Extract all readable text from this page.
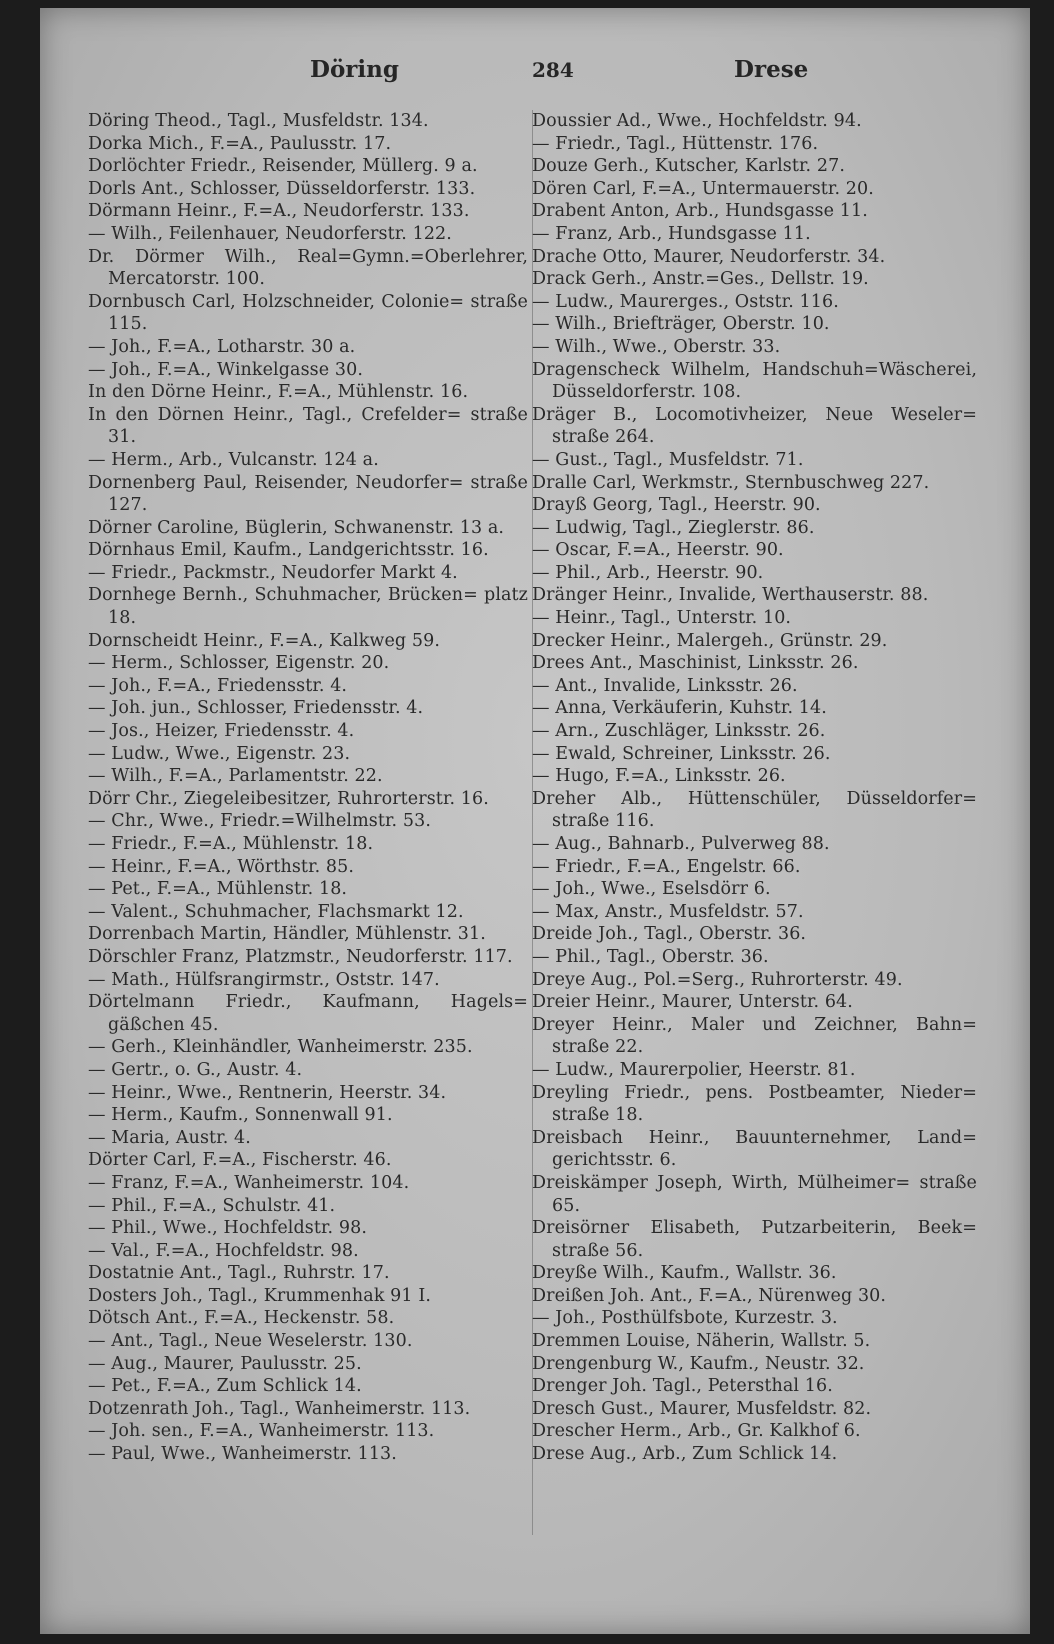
Döring	284	Drese
Döring Theod., Tagl., Musfeldstr. 134.
Dorka Mich., F.=A., Paulusstr. 17.
Dorlöchter Friedr., Reisender, Müllerg. 9 a.
Dorls Ant., Schlosser, Düsseldorferstr. 133.
Dörmann Heinr., F.=A., Neudorferstr. 133.
— Wilh., Feilenhauer, Neudorferstr. 122.
Dr. Dörmer Wilh., Real=Gymn.=Oberlehrer, Mercatorstr. 100.
Dornbusch Carl, Holzschneider, Colonie= straße 115.
— Joh., F.=A., Lotharstr. 30 a.
— Joh., F.=A., Winkelgasse 30.
In den Dörne Heinr., F.=A., Mühlenstr. 16.
In den Dörnen Heinr., Tagl., Crefelder= straße 31.
— Herm., Arb., Vulcanstr. 124 a.
Dornenberg Paul, Reisender, Neudorfer= straße 127.
Dörner Caroline, Büglerin, Schwanenstr. 13 a.
Dörnhaus Emil, Kaufm., Landgerichtsstr. 16.
— Friedr., Packmstr., Neudorfer Markt 4.
Dornhege Bernh., Schuhmacher, Brücken= platz 18.
Dornscheidt Heinr., F.=A., Kalkweg 59.
— Herm., Schlosser, Eigenstr. 20.
— Joh., F.=A., Friedensstr. 4.
— Joh. jun., Schlosser, Friedensstr. 4.
— Jos., Heizer, Friedensstr. 4.
— Ludw., Wwe., Eigenstr. 23.
— Wilh., F.=A., Parlamentstr. 22.
Dörr Chr., Ziegeleibesitzer, Ruhrorterstr. 16.
— Chr., Wwe., Friedr.=Wilhelmstr. 53.
— Friedr., F.=A., Mühlenstr. 18.
— Heinr., F.=A., Wörthstr. 85.
— Pet., F.=A., Mühlenstr. 18.
— Valent., Schuhmacher, Flachsmarkt 12.
Dorrenbach Martin, Händler, Mühlenstr. 31.
Dörschler Franz, Platzmstr., Neudorferstr. 117.
— Math., Hülfsrangirmstr., Oststr. 147.
Dörtelmann Friedr., Kaufmann, Hagels= gäßchen 45.
— Gerh., Kleinhändler, Wanheimerstr. 235.
— Gertr., o. G., Austr. 4.
— Heinr., Wwe., Rentnerin, Heerstr. 34.
— Herm., Kaufm., Sonnenwall 91.
— Maria, Austr. 4.
Dörter Carl, F.=A., Fischerstr. 46.
— Franz, F.=A., Wanheimerstr. 104.
— Phil., F.=A., Schulstr. 41.
— Phil., Wwe., Hochfeldstr. 98.
— Val., F.=A., Hochfeldstr. 98.
Dostatnie Ant., Tagl., Ruhrstr. 17.
Dosters Joh., Tagl., Krummenhak 91 I.
Dötsch Ant., F.=A., Heckenstr. 58.
— Ant., Tagl., Neue Weselerstr. 130.
— Aug., Maurer, Paulusstr. 25.
— Pet., F.=A., Zum Schlick 14.
Dotzenrath Joh., Tagl., Wanheimerstr. 113.
— Joh. sen., F.=A., Wanheimerstr. 113.
— Paul, Wwe., Wanheimerstr. 113.
Doussier Ad., Wwe., Hochfeldstr. 94.
— Friedr., Tagl., Hüttenstr. 176.
Douze Gerh., Kutscher, Karlstr. 27.
Dören Carl, F.=A., Untermauerstr. 20.
Drabent Anton, Arb., Hundsgasse 11.
— Franz, Arb., Hundsgasse 11.
Drache Otto, Maurer, Neudorferstr. 34.
Drack Gerh., Anstr.=Ges., Dellstr. 19.
— Ludw., Maurerges., Oststr. 116.
— Wilh., Briefträger, Oberstr. 10.
— Wilh., Wwe., Oberstr. 33.
Dragenscheck Wilhelm, Handschuh=Wäscherei, Düsseldorferstr. 108.
Dräger B., Locomotivheizer, Neue Weseler= straße 264.
— Gust., Tagl., Musfeldstr. 71.
Dralle Carl, Werkmstr., Sternbuschweg 227.
Drayß Georg, Tagl., Heerstr. 90.
— Ludwig, Tagl., Zieglerstr. 86.
— Oscar, F.=A., Heerstr. 90.
— Phil., Arb., Heerstr. 90.
Dränger Heinr., Invalide, Werthauserstr. 88.
— Heinr., Tagl., Unterstr. 10.
Drecker Heinr., Malergeh., Grünstr. 29.
Drees Ant., Maschinist, Linksstr. 26.
— Ant., Invalide, Linksstr. 26.
— Anna, Verkäuferin, Kuhstr. 14.
— Arn., Zuschläger, Linksstr. 26.
— Ewald, Schreiner, Linksstr. 26.
— Hugo, F.=A., Linksstr. 26.
Dreher Alb., Hüttenschüler, Düsseldorfer= straße 116.
— Aug., Bahnarb., Pulverweg 88.
— Friedr., F.=A., Engelstr. 66.
— Joh., Wwe., Eselsdörr 6.
— Max, Anstr., Musfeldstr. 57.
Dreide Joh., Tagl., Oberstr. 36.
— Phil., Tagl., Oberstr. 36.
Dreye Aug., Pol.=Serg., Ruhrorterstr. 49.
Dreier Heinr., Maurer, Unterstr. 64.
Dreyer Heinr., Maler und Zeichner, Bahn= straße 22.
— Ludw., Maurerpolier, Heerstr. 81.
Dreyling Friedr., pens. Postbeamter, Nieder= straße 18.
Dreisbach Heinr., Bauunternehmer, Land= gerichtsstr. 6.
Dreiskämper Joseph, Wirth, Mülheimer= straße 65.
Dreisörner Elisabeth, Putzarbeiterin, Beek= straße 56.
Dreyße Wilh., Kaufm., Wallstr. 36.
Dreißen Joh. Ant., F.=A., Nürenweg 30.
— Joh., Posthülfsbote, Kurzestr. 3.
Dremmen Louise, Näherin, Wallstr. 5.
Drengenburg W., Kaufm., Neustr. 32.
Drenger Joh. Tagl., Petersthal 16.
Dresch Gust., Maurer, Musfeldstr. 82.
Drescher Herm., Arb., Gr. Kalkhof 6.
Drese Aug., Arb., Zum Schlick 14.
